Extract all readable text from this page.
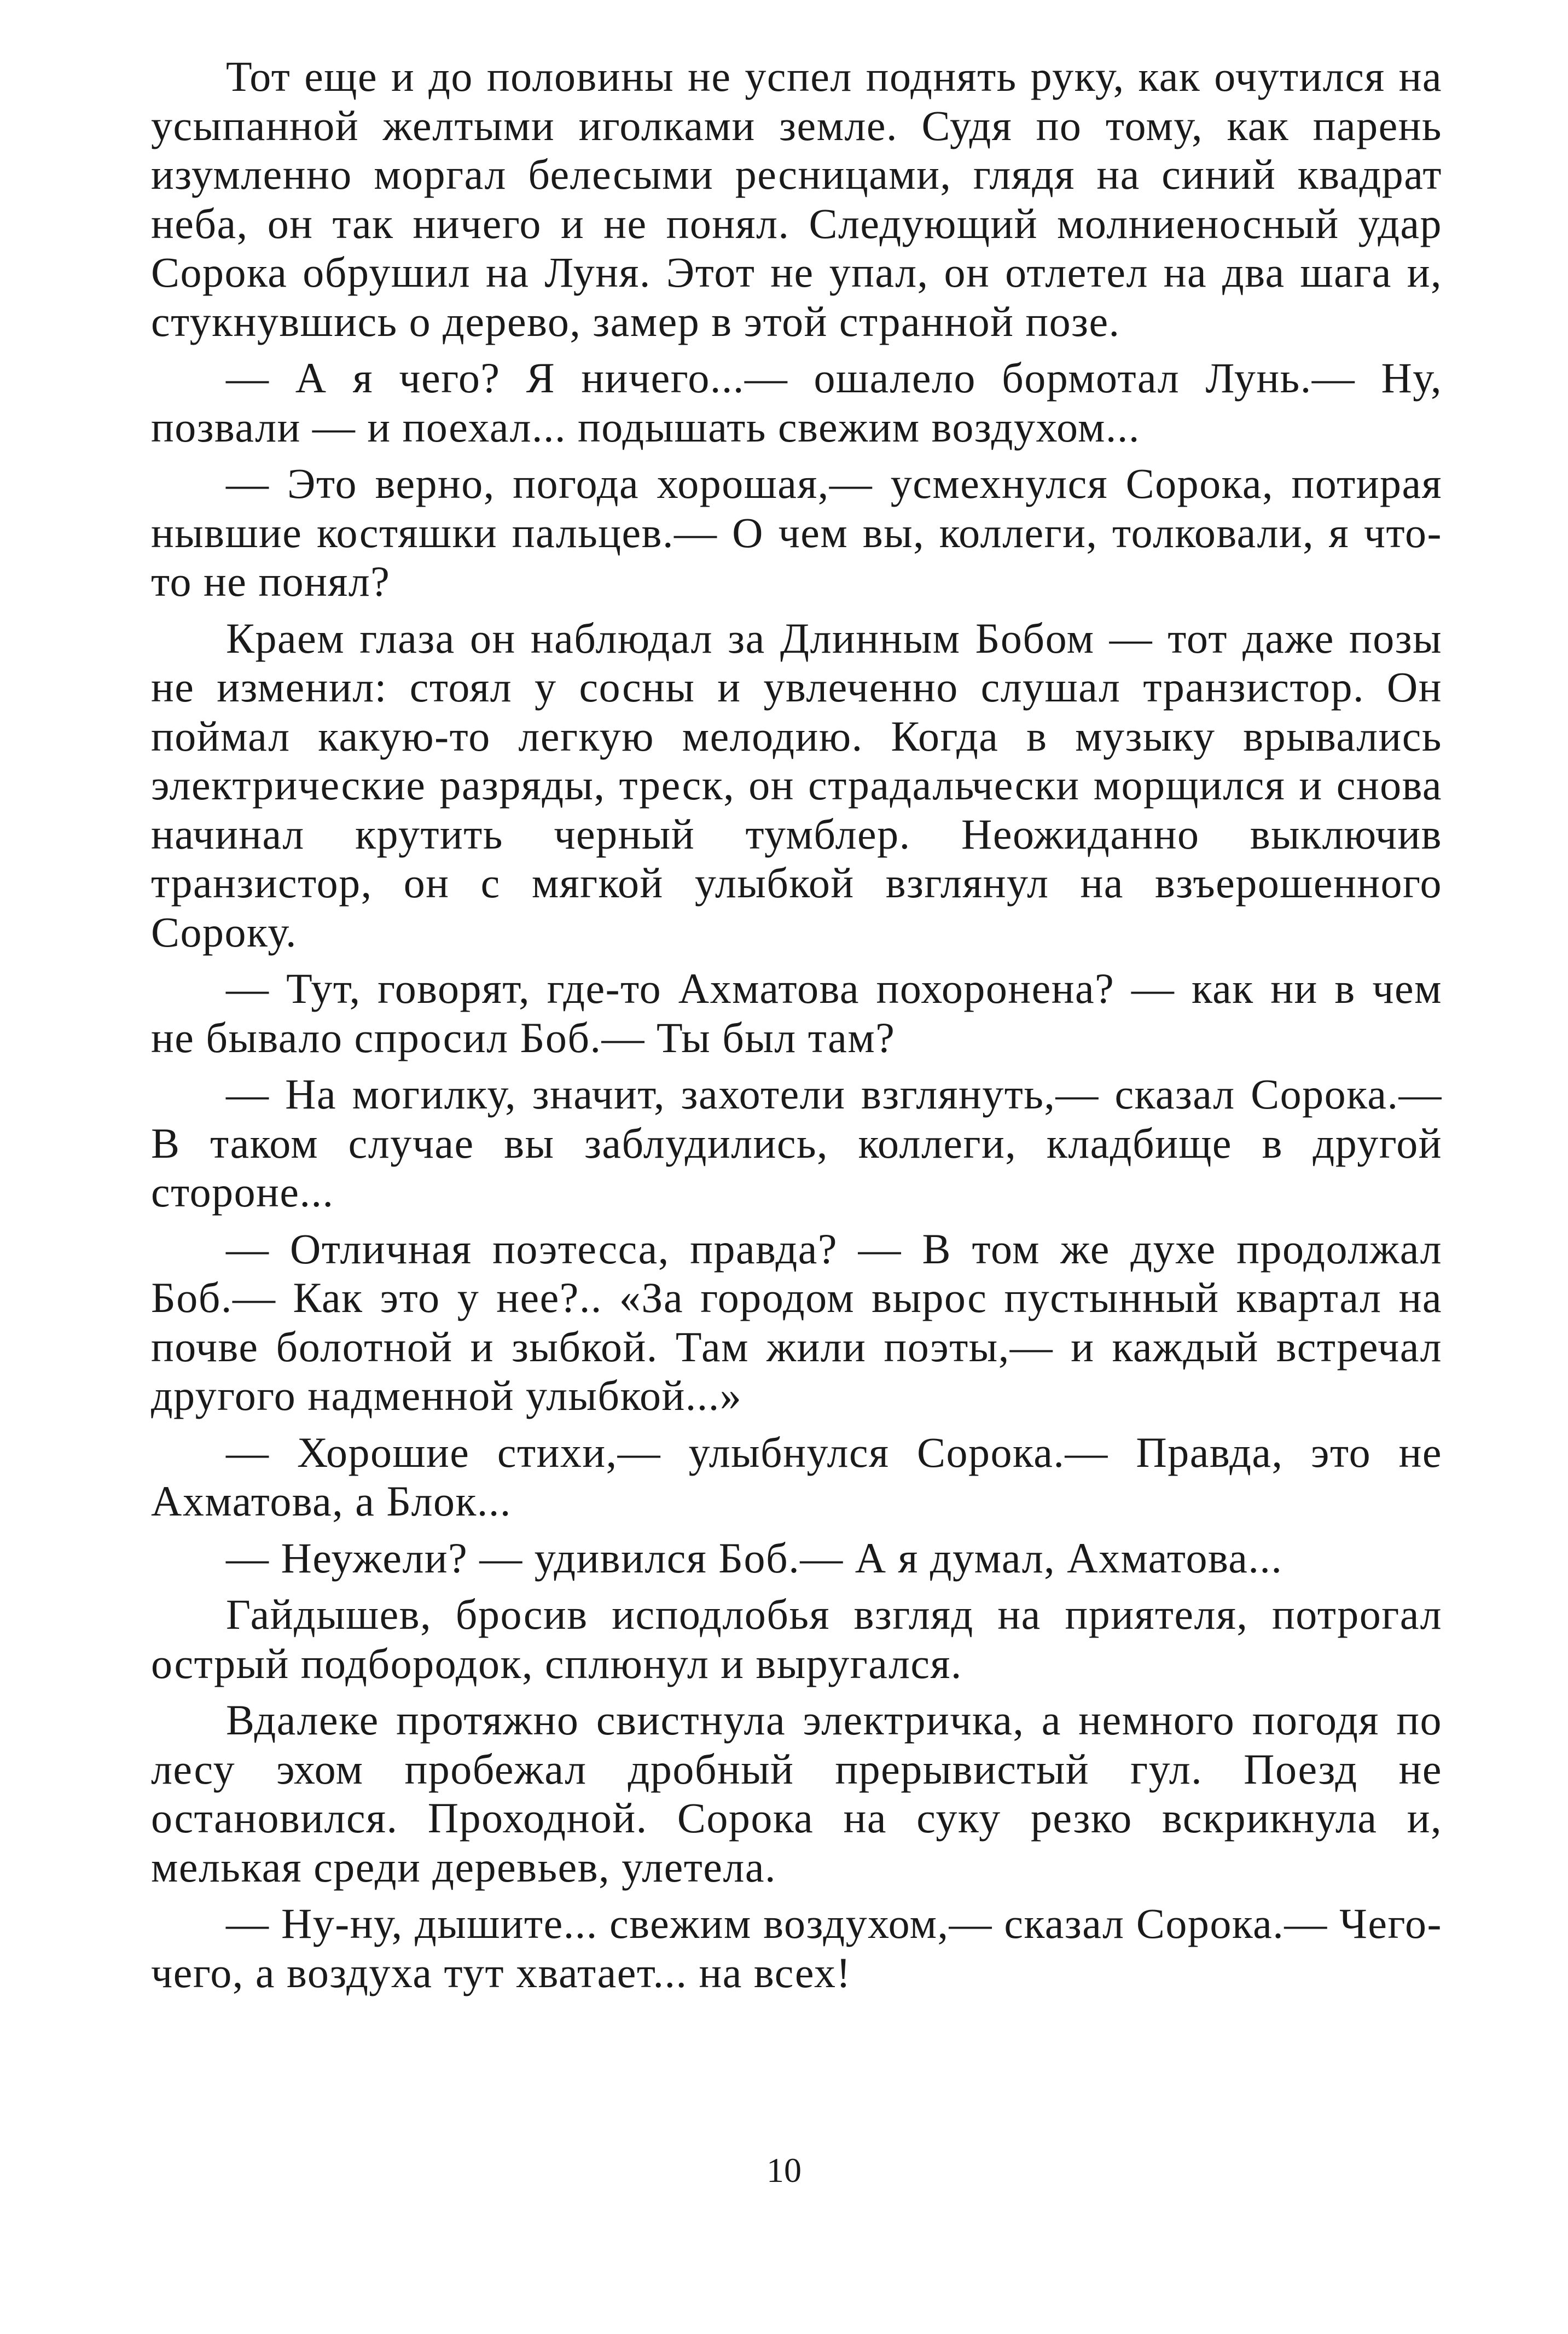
Тот еще и до половины не успел поднять руку, как очутился на усыпанной желтыми иголками земле. Судя по тому, как парень изумленно моргал белесыми ресницами, глядя на синий квадрат неба, он так ничего и не понял. Следующий молниеносный удар Сорока обрушил на Луня. Этот не упал, он отлетел на два шага и, стукнувшись о дерево, замер в этой странной позе.

— А я чего? Я ничего...— ошалело бормотал Лунь.— Ну, позвали — и поехал... подышать свежим воздухом...

— Это верно, погода хорошая,— усмехнулся Сорока, потирая нывшие костяшки пальцев.— О чем вы, коллеги, толковали, я что-то не понял?

Краем глаза он наблюдал за Длинным Бобом — тот даже позы не изменил: стоял у сосны и увлеченно слушал транзистор. Он поймал какую-то легкую мелодию. Когда в музыку врывались электрические разряды, треск, он страдальчески морщился и снова начинал крутить черный тумблер. Неожиданно выключив транзистор, он с мягкой улыбкой взглянул на взъерошенного Сороку.

— Тут, говорят, где-то Ахматова похоронена? — как ни в чем не бывало спросил Боб.— Ты был там?

— На могилку, значит, захотели взглянуть,— сказал Сорока.— В таком случае вы заблудились, коллеги, кладбище в другой стороне...

— Отличная поэтесса, правда? — В том же духе продолжал Боб.— Как это у нее?.. «За городом вырос пустынный квартал на почве болотной и зыбкой. Там жили поэты,— и каждый встречал другого надменной улыбкой...»

— Хорошие стихи,— улыбнулся Сорока.— Правда, это не Ахматова, а Блок...

— Неужели? — удивился Боб.— А я думал, Ахматова...

Гайдышев, бросив исподлобья взгляд на приятеля, потрогал острый подбородок, сплюнул и выругался.

Вдалеке протяжно свистнула электричка, а немного погодя по лесу эхом пробежал дробный прерывистый гул. Поезд не остановился. Проходной. Сорока на суку резко вскрикнула и, мелькая среди деревьев, улетела.

— Ну-ну, дышите... свежим воздухом,— сказал Сорока.— Чего-чего, а воздуха тут хватает... на всех!

10
